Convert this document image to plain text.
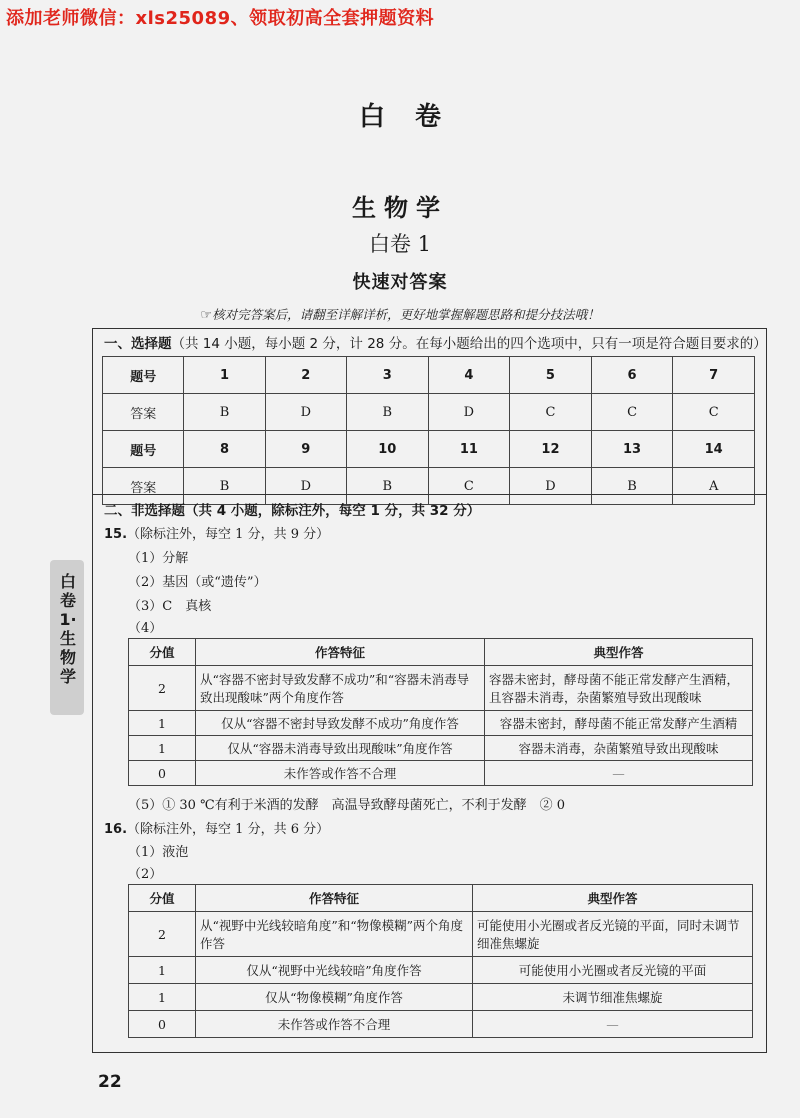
添加老师微信：xls25089、领取初高全套押题资料
白卷
生物学
白卷 1
快速对答案
☞核对完答案后，请翻至详解详析，更好地掌握解题思路和提分技法哦！
白卷1·生物学
一、选择题（共 14 小题，每小题 2 分，计 28 分。在每小题给出的四个选项中，只有一项是符合题目要求的）
题号	1	2	3	4	5	6	7
答案	B	D	B	D	C	C	C
题号	8	9	10	11	12	13	14
答案	B	D	B	C	D	B	A
二、非选择题（共 4 小题，除标注外，每空 1 分，共 32 分）
15.（除标注外，每空 1 分，共 9 分）
（1）分解
（2）基因（或“遗传”）
（3）C　真核
（4）
分值	作答特征	典型作答
2	从“容器不密封导致发酵不成功”和“容器未消毒导致出现酸味”两个角度作答	容器未密封，酵母菌不能正常发酵产生酒精，且容器未消毒，杂菌繁殖导致出现酸味
1	仅从“容器不密封导致发酵不成功”角度作答	容器未密封，酵母菌不能正常发酵产生酒精
1	仅从“容器未消毒导致出现酸味”角度作答	容器未消毒，杂菌繁殖导致出现酸味
0	未作答或作答不合理	—
（5）① 30 ℃有利于米酒的发酵　高温导致酵母菌死亡，不利于发酵　② 0
16.（除标注外，每空 1 分，共 6 分）
（1）液泡
（2）
分值	作答特征	典型作答
2	从“视野中光线较暗角度”和“物像模糊”两个角度作答	可能使用小光圈或者反光镜的平面，同时未调节细准焦螺旋
1	仅从“视野中光线较暗”角度作答	可能使用小光圈或者反光镜的平面
1	仅从“物像模糊”角度作答	未调节细准焦螺旋
0	未作答或作答不合理	—
22
